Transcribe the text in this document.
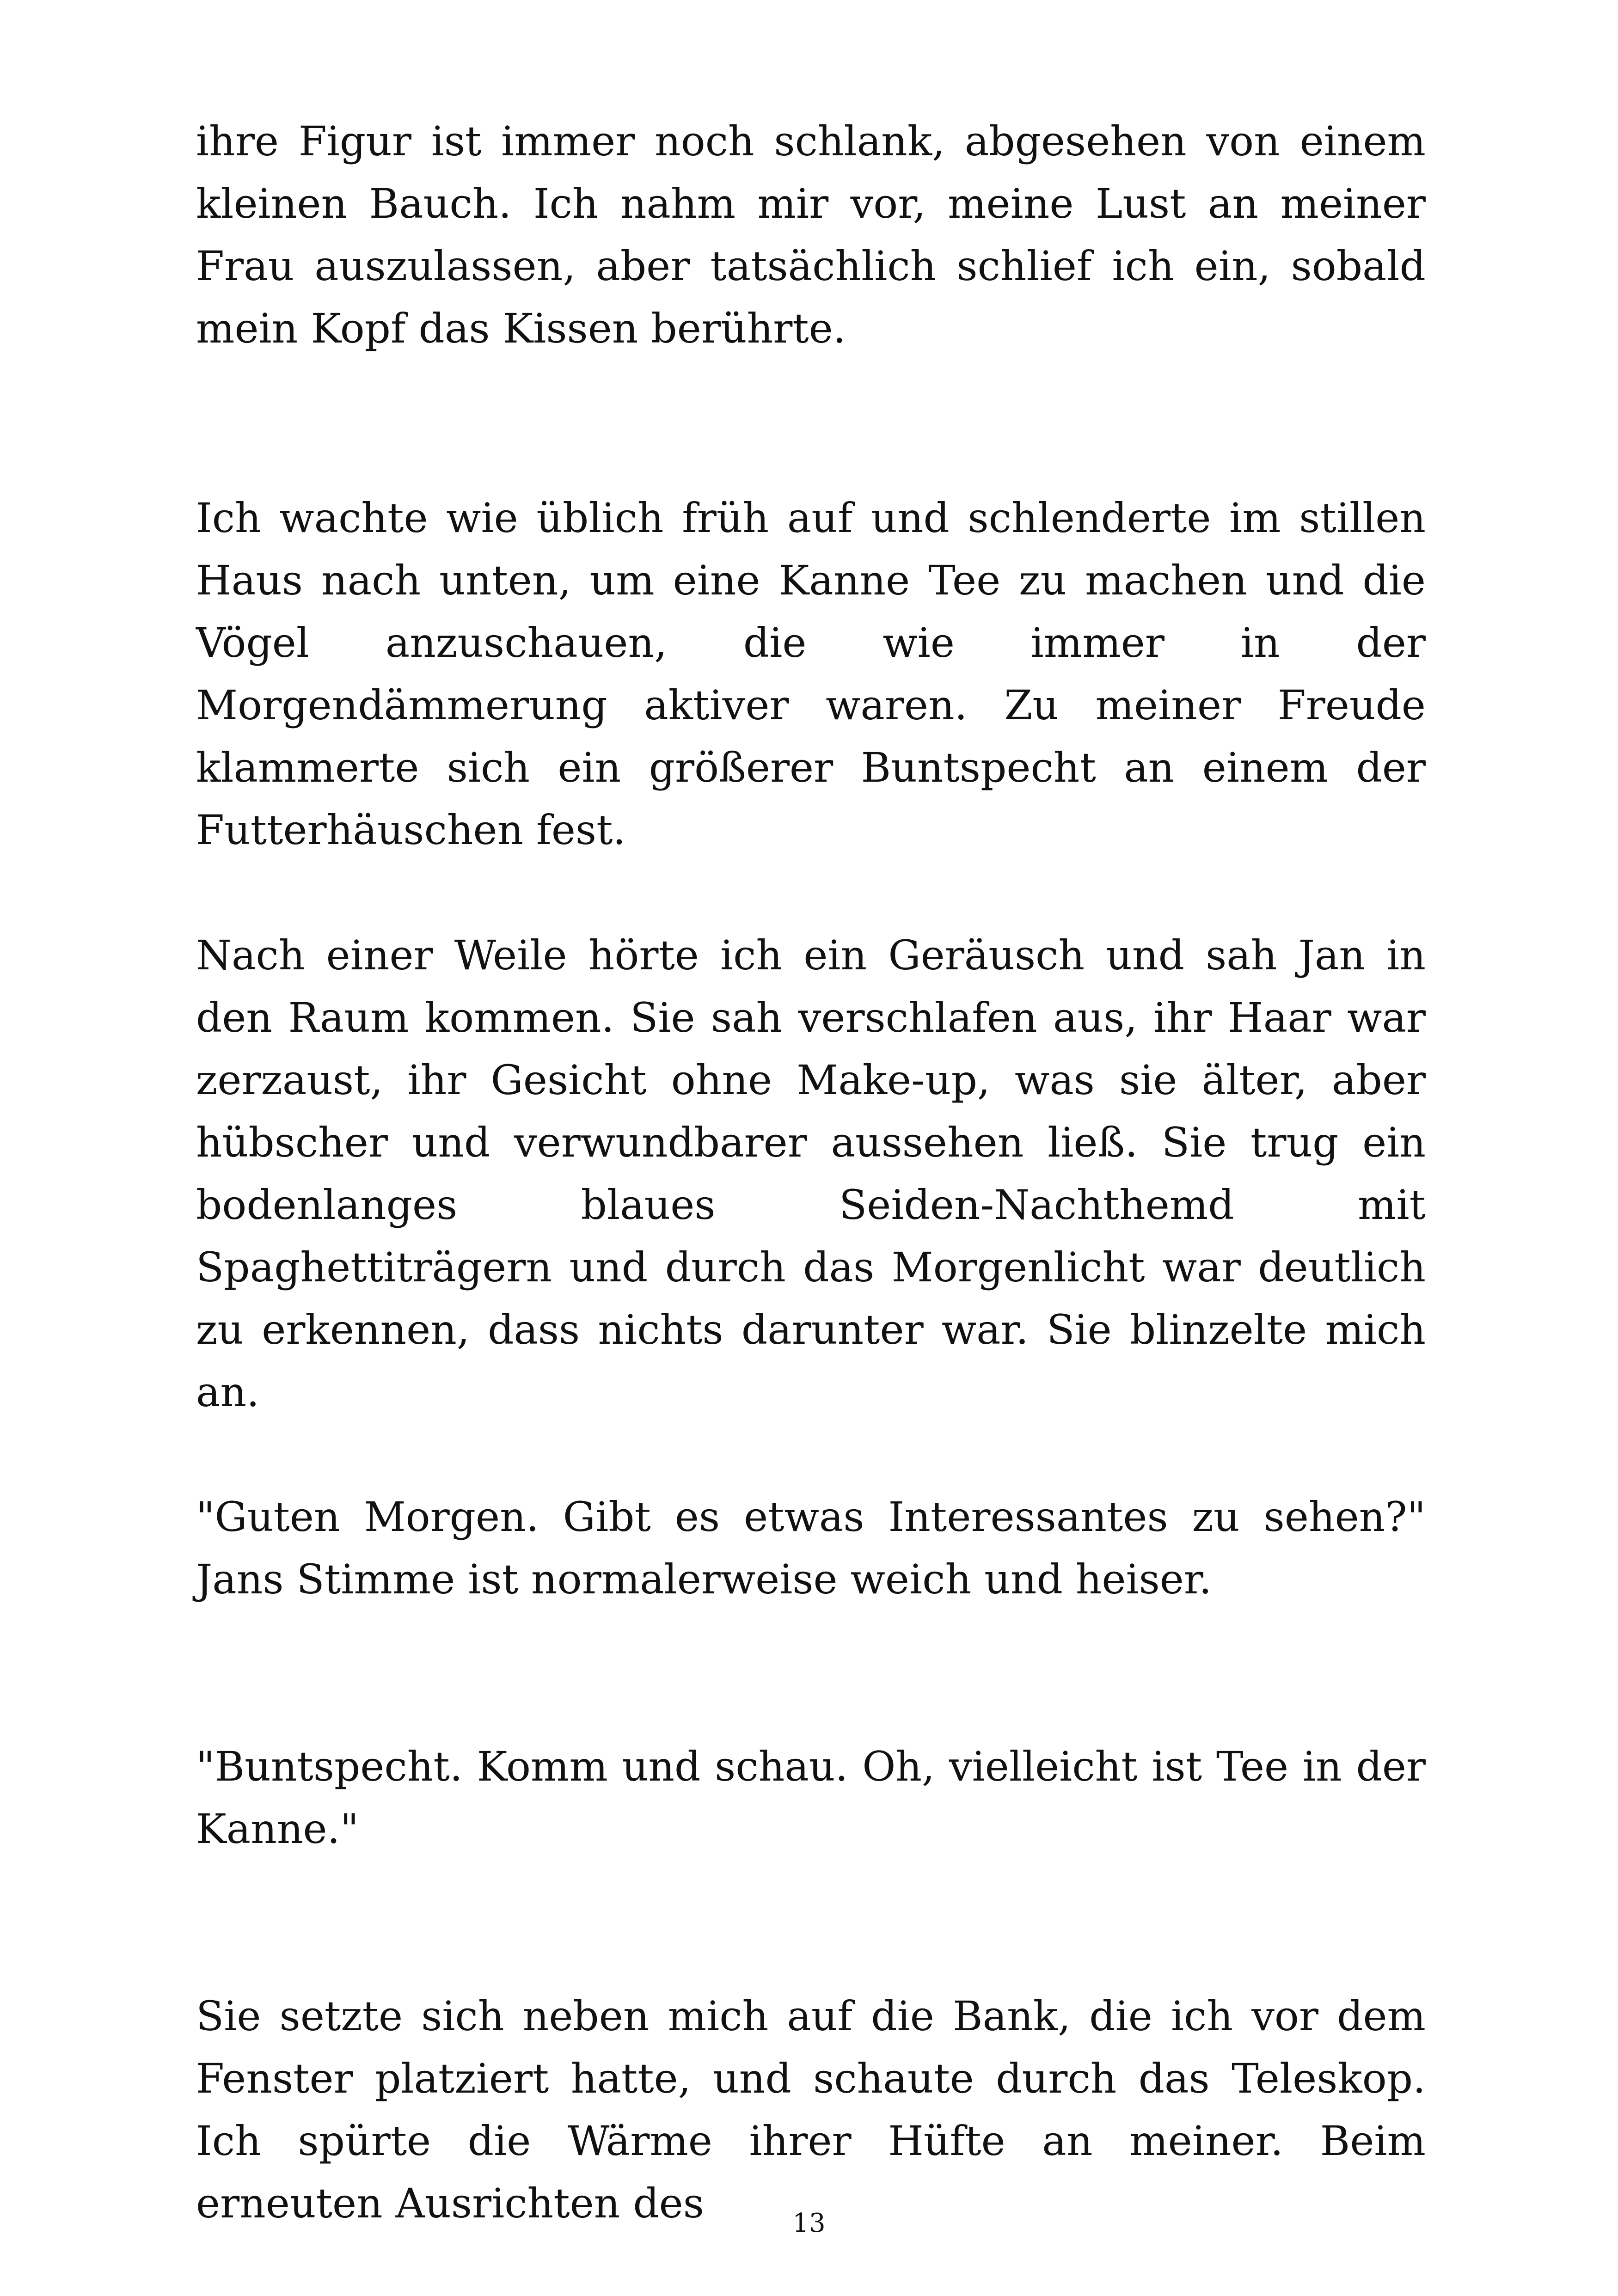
ihre Figur ist immer noch schlank, abgesehen von einem kleinen Bauch. Ich nahm mir vor, meine Lust an meiner Frau auszulassen, aber tatsächlich schlief ich ein, sobald mein Kopf das Kissen berührte.

Ich wachte wie üblich früh auf und schlenderte im stillen Haus nach unten, um eine Kanne Tee zu machen und die Vögel anzuschauen, die wie immer in der Morgendämmerung aktiver waren. Zu meiner Freude klammerte sich ein größerer Buntspecht an einem der Futterhäuschen fest.

Nach einer Weile hörte ich ein Geräusch und sah Jan in den Raum kommen. Sie sah verschlafen aus, ihr Haar war zerzaust, ihr Gesicht ohne Make-up, was sie älter, aber hübscher und verwundbarer aussehen ließ. Sie trug ein bodenlanges blaues Seiden-Nachthemd mit Spaghettiträgern und durch das Morgenlicht war deutlich zu erkennen, dass nichts darunter war. Sie blinzelte mich an.

"Guten Morgen. Gibt es etwas Interessantes zu sehen?" Jans Stimme ist normalerweise weich und heiser.

"Buntspecht. Komm und schau. Oh, vielleicht ist Tee in der Kanne."

Sie setzte sich neben mich auf die Bank, die ich vor dem Fenster platziert hatte, und schaute durch das Teleskop. Ich spürte die Wärme ihrer Hüfte an meiner. Beim erneuten Ausrichten des	13
